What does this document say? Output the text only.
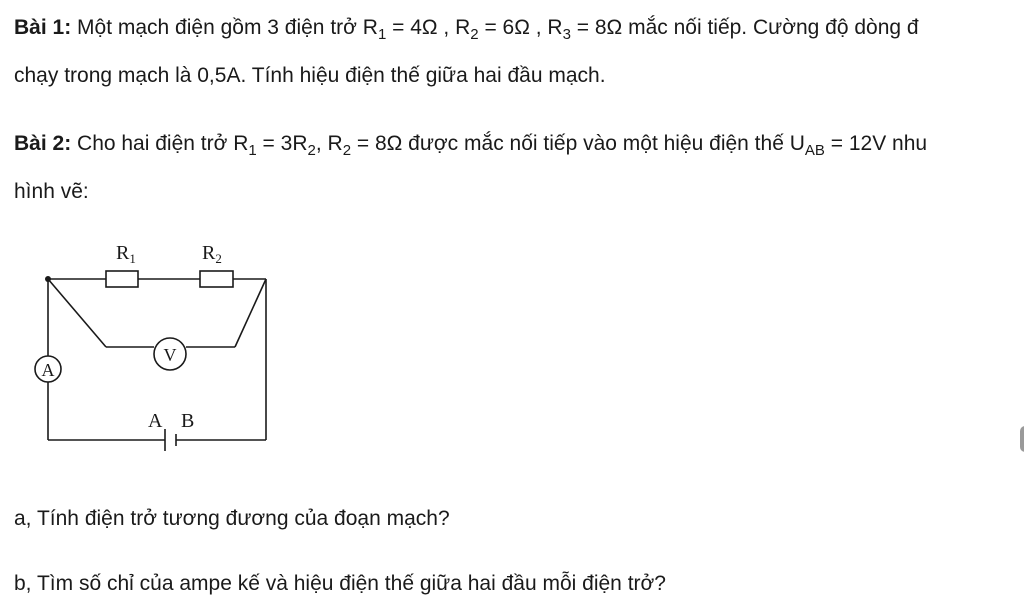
Bài 1: Một mạch điện gồm 3 điện trở $R_1 = 4\Omega$ , $R_2 = 6\Omega$ , $R_3 = 8\Omega$ mắc nối tiếp. Cường độ dòng đ
chạy trong mạch là 0,5A. Tính hiệu điện thế giữa hai đầu mạch.
Bài 2: Cho hai điện trở $R_1 = 3R_2$, $R_2 = 8\Omega$ được mắc nối tiếp vào một hiệu điện thế $U_{AB} = 12V$ nhu
hình vẽ:
$R_1$	$R_2$
V
A
A B
a, Tính điện trở tương đương của đoạn mạch?
b, Tìm số chỉ của ampe kế và hiệu điện thế giữa hai đầu mỗi điện trở?
